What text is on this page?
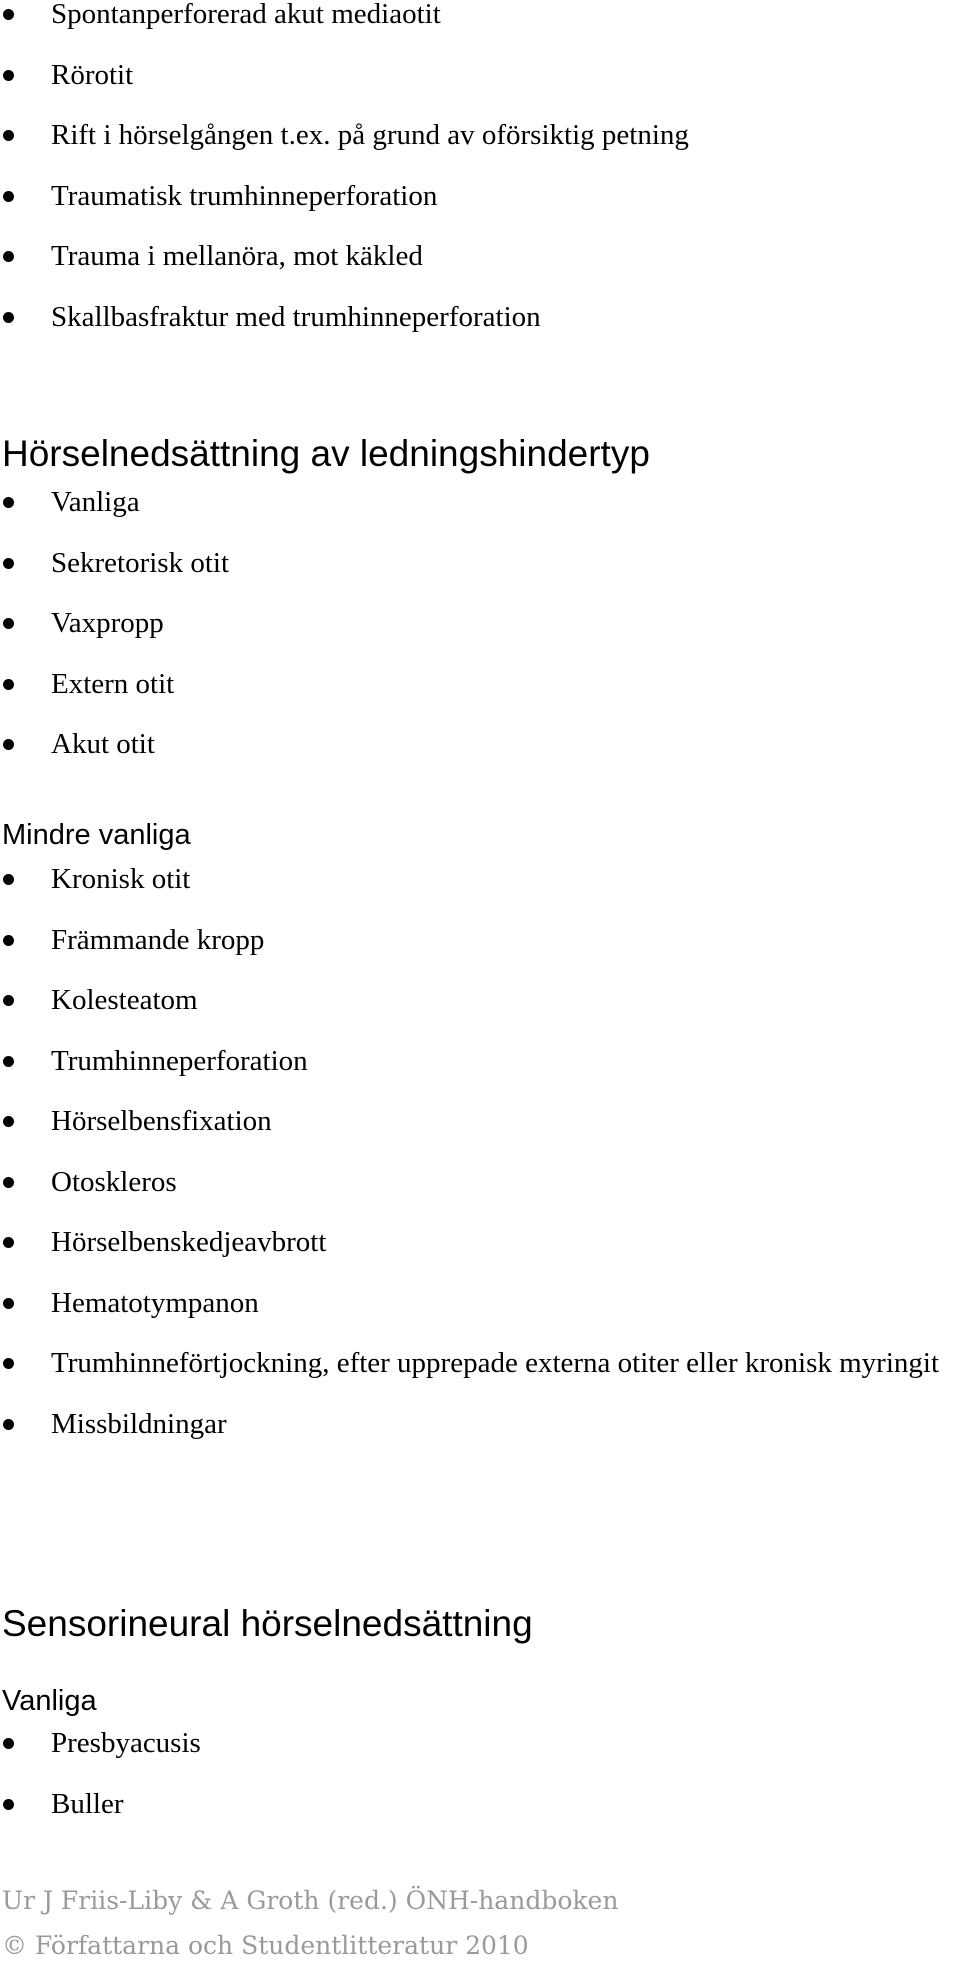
Spontanperforerad akut mediaotit
Rörotit
Rift i hörselgången t.ex. på grund av oförsiktig petning
Traumatisk trumhinneperforation
Trauma i mellanöra, mot käkled
Skallbasfraktur med trumhinneperforation
Hörselnedsättning av ledningshindertyp
Vanliga
Sekretorisk otit
Vaxpropp
Extern otit
Akut otit
Mindre vanliga
Kronisk otit
Främmande kropp
Kolesteatom
Trumhinneperforation
Hörselbensfixation
Otoskleros
Hörselbenskedjeavbrott
Hematotympanon
Trumhinneförtjockning, efter upprepade externa otiter eller kronisk myringit
Missbildningar
Sensorineural hörselnedsättning
Vanliga
Presbyacusis
Buller
Ur J Friis-Liby & A Groth (red.) ÖNH-handboken
© Författarna och Studentlitteratur 2010
